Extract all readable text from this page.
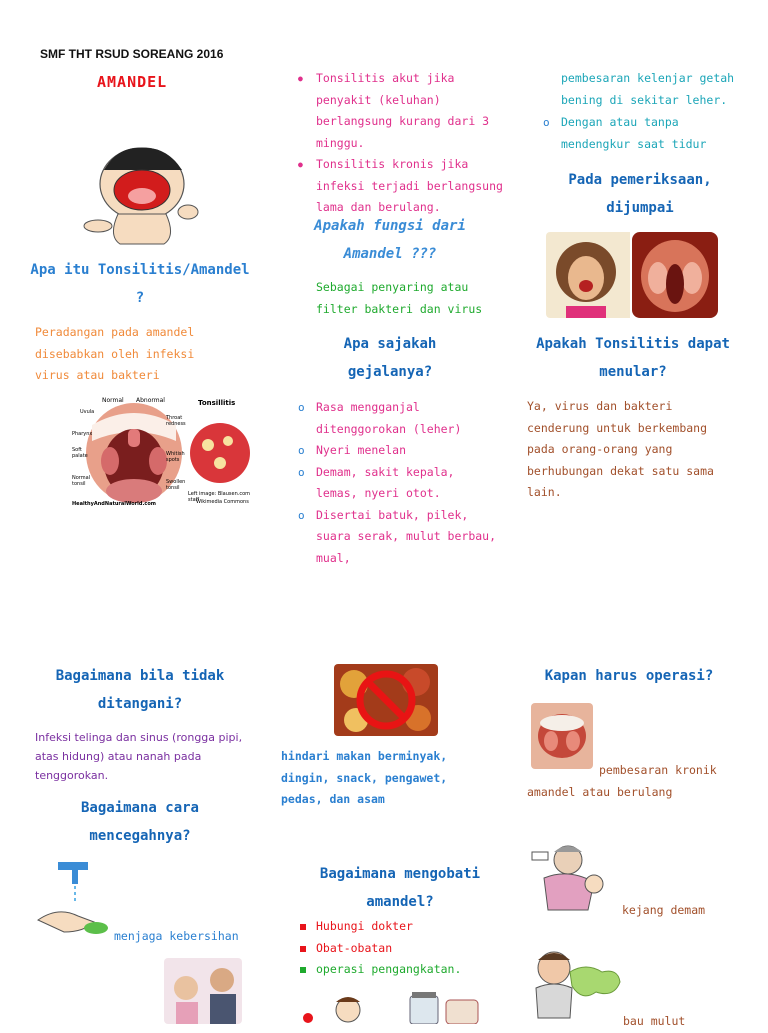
SMF THT RSUD SOREANG 2016
AMANDEL
Apa itu Tonsilitis/Amandel ?
Peradangan pada amandel disebabkan oleh infeksi virus atau bakteri
Normal Abnormal	Tonsillitis
Uvula
Throat redness
Pharynx
Soft palate	Whitish spots
Normal tonsil	Swollen tonsil
HealthyAndNaturalWorld.com
Left image: Blausen.com staff
Wikimedia Commons
● Tonsilitis akut jika penyakit (keluhan) berlangsung kurang dari 3 minggu.
● Tonsilitis kronis jika infeksi terjadi berlangsung lama dan berulang.
Apakah fungsi dari Amandel ???
Sebagai penyaring atau filter bakteri dan virus
Apa sajakah gejalanya?
o Rasa mengganjal ditenggorokan (leher)
o Nyeri menelan
o Demam, sakit kepala, lemas, nyeri otot.
o Disertai batuk, pilek, suara serak, mulut berbau, mual,
pembesaran kelenjar getah bening di sekitar leher.
o Dengan atau tanpa mendengkur saat tidur
Pada pemeriksaan, dijumpai
Apakah Tonsilitis dapat menular?
Ya, virus dan bakteri cenderung untuk berkembang pada orang-orang yang berhubungan dekat satu sama lain.
Bagaimana bila tidak ditangani?
Infeksi telinga dan sinus (rongga pipi, atas hidung) atau nanah pada tenggorokan.
Bagaimana cara mencegahnya?
menjaga kebersihan
hindari makan berminyak, dingin, snack, pengawet, pedas, dan asam
Bagaimana mengobati amandel?
Hubungi dokter
Obat-obatan
operasi pengangkatan.
Kapan harus operasi?
pembesaran kronik amandel atau berulang
kejang demam
bau mulut
